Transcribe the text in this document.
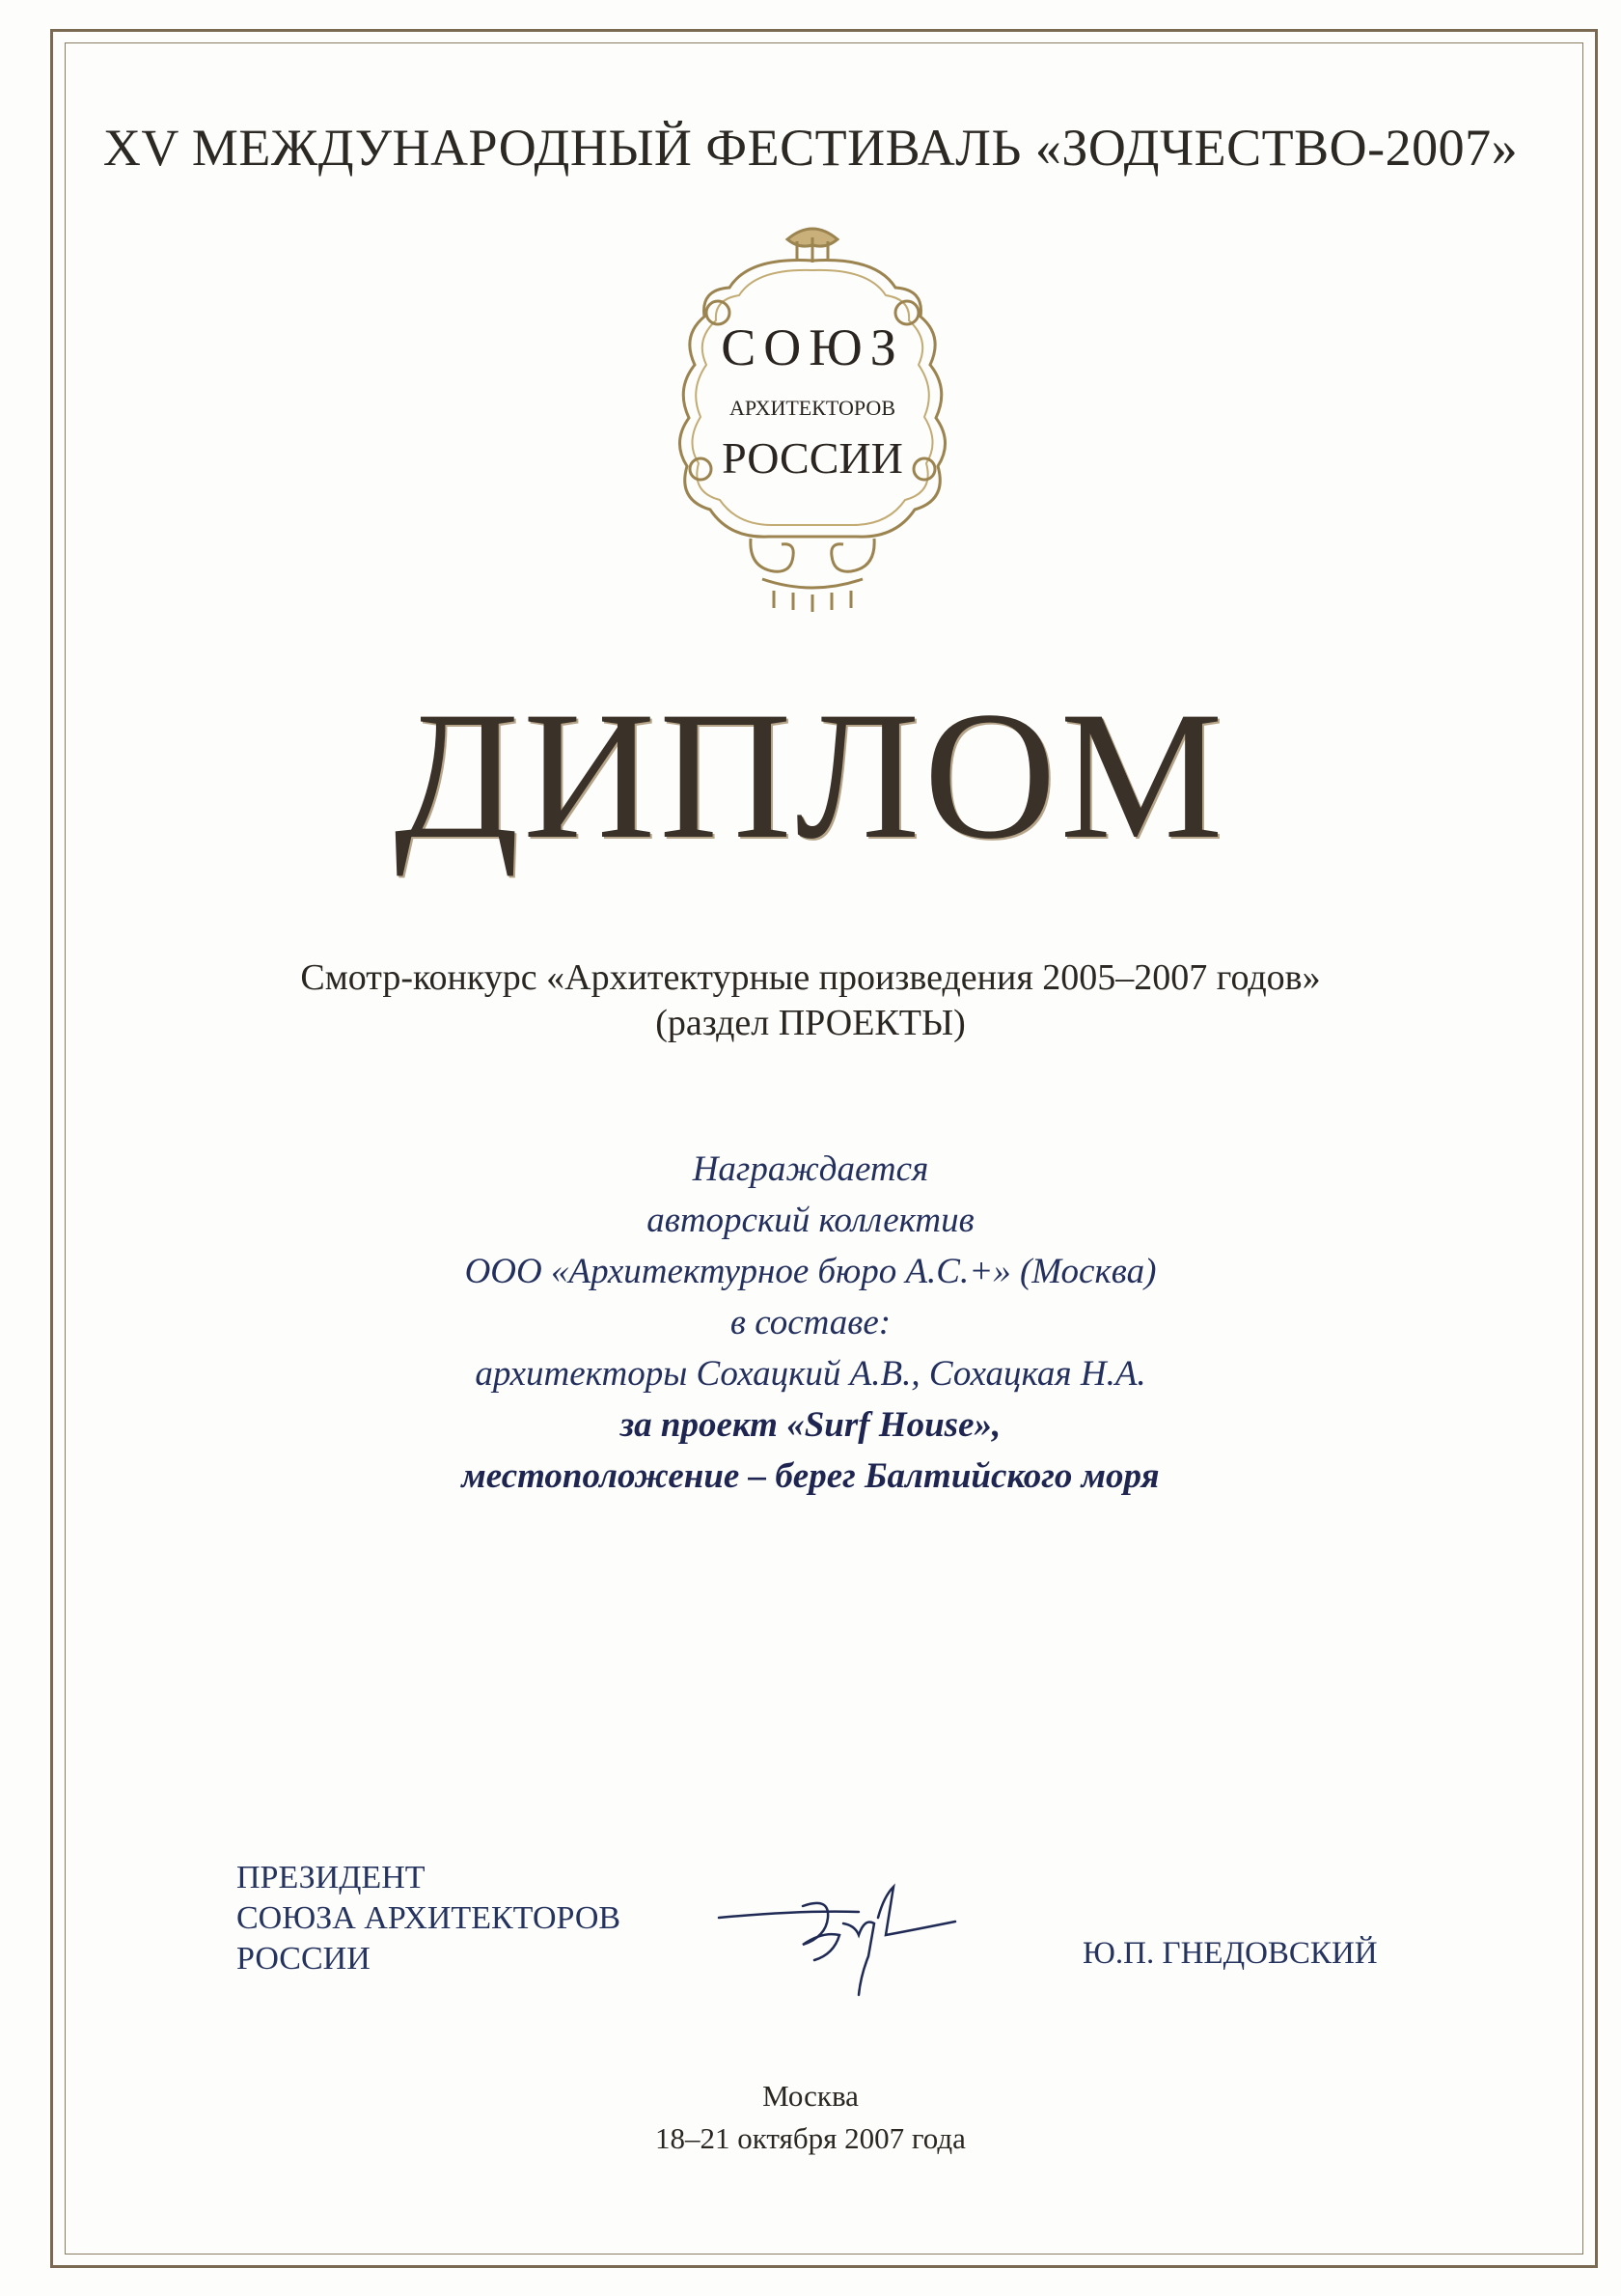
XV МЕЖДУНАРОДНЫЙ ФЕСТИВАЛЬ «ЗОДЧЕСТВО-2007»
СОЮЗ
АРХИТЕКТОРОВ
РОССИИ
ДИПЛОМ
Смотр-конкурс «Архитектурные произведения 2005–2007 годов»
(раздел ПРОЕКТЫ)
Награждается
авторский коллектив
ООО «Архитектурное бюро А.С.+» (Москва)
в составе:
архитекторы Сохацкий А.В., Сохацкая Н.А.
за проект «Surf House»,
местоположение – берег Балтийского моря
ПРЕЗИДЕНТ
СОЮЗА АРХИТЕКТОРОВ
РОССИИ	Ю.П. ГНЕДОВСКИЙ
Москва
18–21 октября 2007 года
